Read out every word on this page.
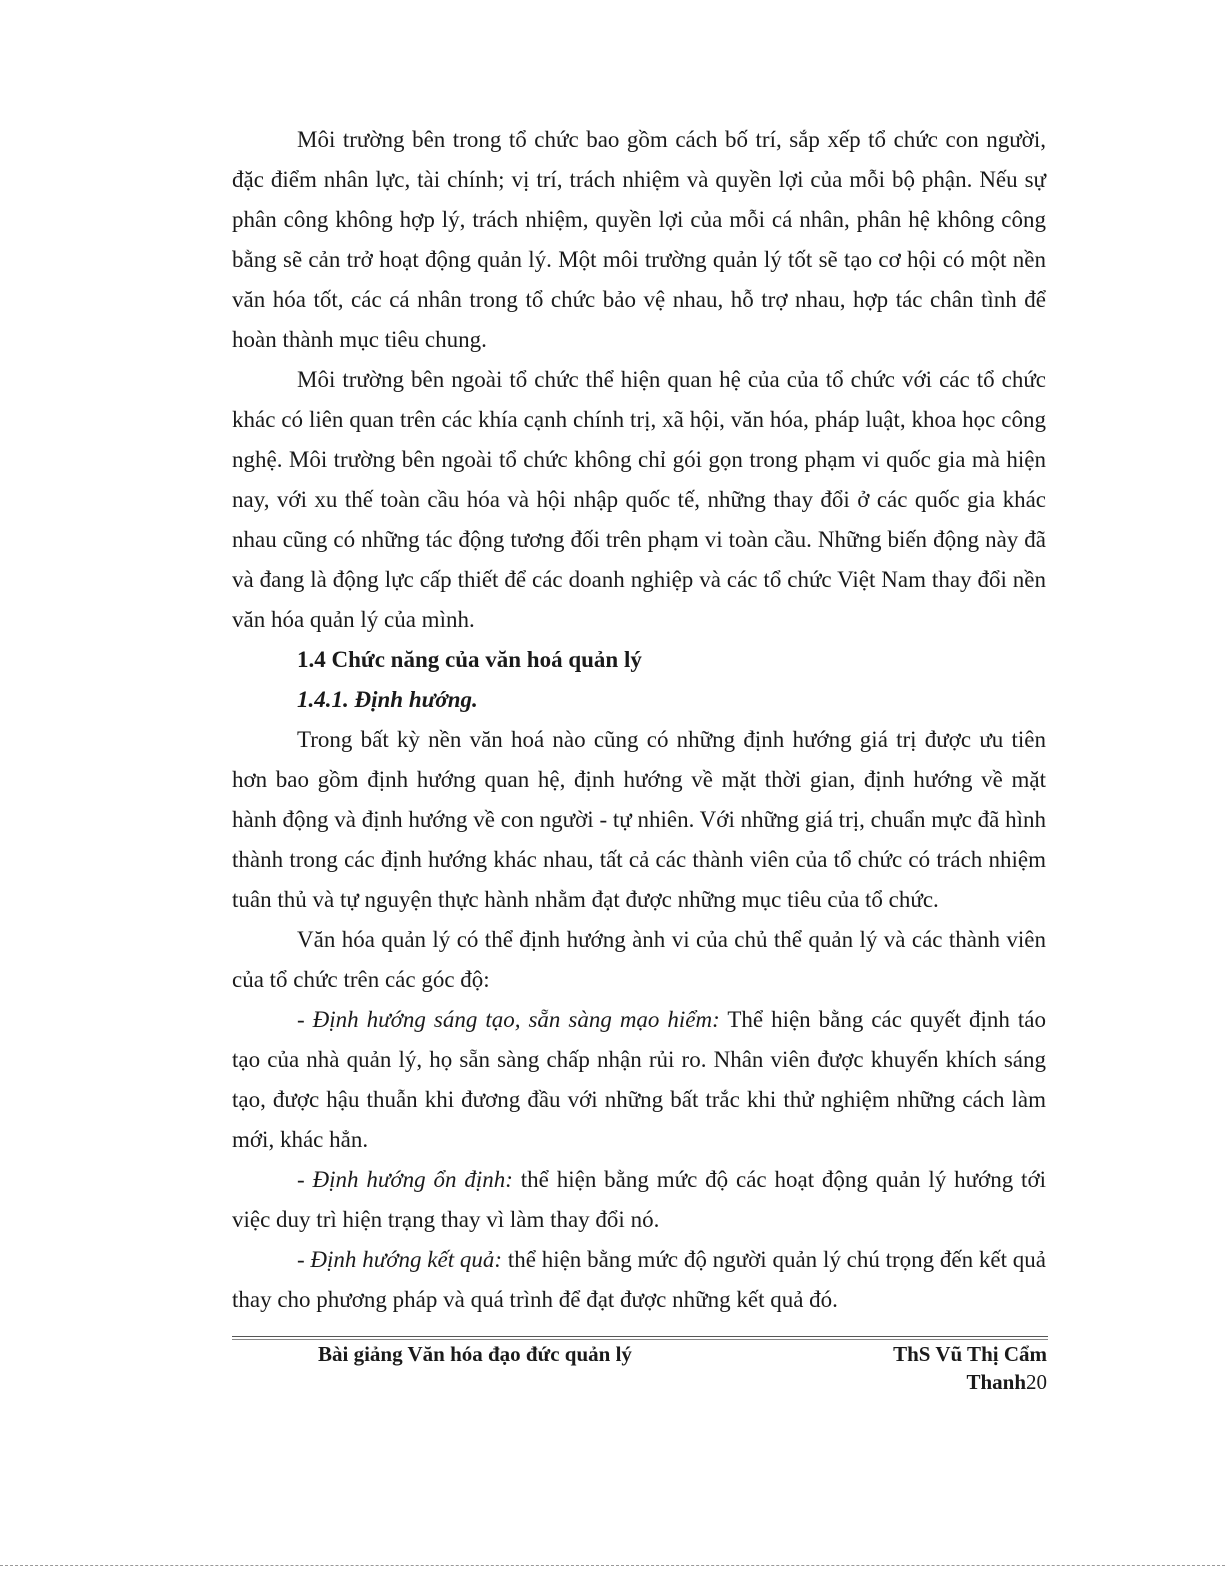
Môi trường bên trong tổ chức bao gồm cách bố trí, sắp xếp tổ chức con người, đặc điểm nhân lực, tài chính; vị trí, trách nhiệm và quyền lợi của mỗi bộ phận. Nếu sự phân công không hợp lý, trách nhiệm, quyền lợi của mỗi cá nhân, phân hệ không công bằng sẽ cản trở hoạt động quản lý. Một môi trường quản lý tốt sẽ tạo cơ hội có một nền văn hóa tốt, các cá nhân trong tổ chức bảo vệ nhau, hỗ trợ nhau, hợp tác chân tình để hoàn thành mục tiêu chung.

Môi trường bên ngoài tổ chức thể hiện quan hệ của của tổ chức với các tổ chức khác có liên quan trên các khía cạnh chính trị, xã hội, văn hóa, pháp luật, khoa học công nghệ. Môi trường bên ngoài tổ chức không chỉ gói gọn trong phạm vi quốc gia mà hiện nay, với xu thế toàn cầu hóa và hội nhập quốc tế, những thay đổi ở các quốc gia khác nhau cũng có những tác động tương đối trên phạm vi toàn cầu. Những biến động này đã và đang là động lực cấp thiết để các doanh nghiệp và các tổ chức Việt Nam thay đổi nền văn hóa quản lý của mình.

1.4 Chức năng của văn hoá quản lý

1.4.1. Định hướng.

Trong bất kỳ nền văn hoá nào cũng có những định hướng giá trị được ưu tiên hơn bao gồm định hướng quan hệ, định hướng về mặt thời gian, định hướng về mặt hành động và định hướng về con người - tự nhiên. Với những giá trị, chuẩn mực đã hình thành trong các định hướng khác nhau, tất cả các thành viên của tổ chức có trách nhiệm tuân thủ và tự nguyện thực hành nhằm đạt được những mục tiêu của tổ chức.

Văn hóa quản lý có thể định hướng ành vi của chủ thể quản lý và các thành viên của tổ chức trên các góc độ:

- Định hướng sáng tạo, sẵn sàng mạo hiểm: Thể hiện bằng các quyết định táo tạo của nhà quản lý, họ sẵn sàng chấp nhận rủi ro. Nhân viên được khuyến khích sáng tạo, được hậu thuẫn khi đương đầu với những bất trắc khi thử nghiệm những cách làm mới, khác hẳn.

- Định hướng ổn định: thể hiện bằng mức độ các hoạt động quản lý hướng tới việc duy trì hiện trạng thay vì làm thay đổi nó.

- Định hướng kết quả: thể hiện bằng mức độ người quản lý chú trọng đến kết quả thay cho phương pháp và quá trình để đạt được những kết quả đó.

Bài giảng Văn hóa đạo đức quản lý	ThS Vũ Thị Cẩm
Thanh20
